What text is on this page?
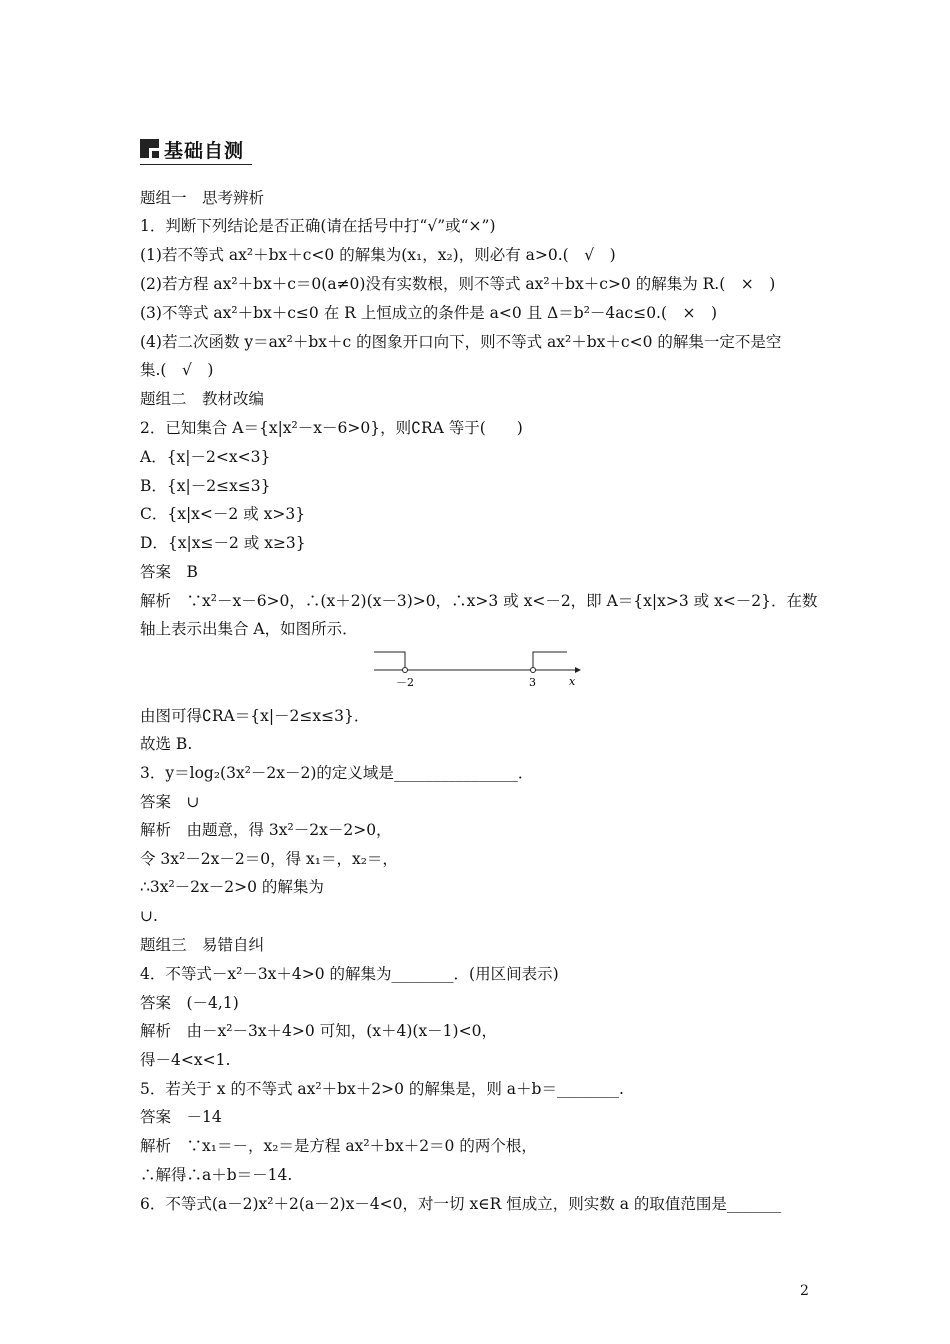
基础自测
题组一　思考辨析
1．判断下列结论是否正确(请在括号中打“√”或“×”)
(1)若不等式 ax²＋bx＋c<0 的解集为(x₁，x₂)，则必有 a>0.(　√　)
(2)若方程 ax²＋bx＋c＝0(a≠0)没有实数根，则不等式 ax²＋bx＋c>0 的解集为 R.(　×　)
(3)不等式 ax²＋bx＋c≤0 在 R 上恒成立的条件是 a<0 且 Δ＝b²－4ac≤0.(　×　)
(4)若二次函数 y＝ax²＋bx＋c 的图象开口向下，则不等式 ax²＋bx＋c<0 的解集一定不是空
集.(　√　)
题组二　教材改编
2．已知集合 A＝{x|x²－x－6>0}，则∁RA 等于(　　)
A．{x|－2<x<3}
B．{x|－2≤x≤3}
C．{x|x<－2 或 x>3}
D．{x|x≤－2 或 x≥3}
答案　B
解析　∵x²－x－6>0，∴(x＋2)(x－3)>0，∴x>3 或 x<－2，即 A＝{x|x>3 或 x<－2}．在数
轴上表示出集合 A，如图所示．
－2	3	x
由图可得∁RA＝{x|－2≤x≤3}．
故选 B.
3．y＝log₂(3x²－2x－2)的定义域是________________．
答案　∪
解析　由题意，得 3x²－2x－2>0，
令 3x²－2x－2＝0，得 x₁＝，x₂＝，
∴3x²－2x－2>0 的解集为
∪.
题组三　易错自纠
4．不等式－x²－3x＋4>0 的解集为________．(用区间表示)
答案　(－4,1)
解析　由－x²－3x＋4>0 可知，(x＋4)(x－1)<0，
得－4<x<1.
5．若关于 x 的不等式 ax²＋bx＋2>0 的解集是，则 a＋b＝________.
答案　－14
解析　∵x₁＝－，x₂＝是方程 ax²＋bx＋2＝0 的两个根，
∴解得∴a＋b＝－14.
6．不等式(a－2)x²＋2(a－2)x－4<0，对一切 x∈R 恒成立，则实数 a 的取值范围是_______
2
